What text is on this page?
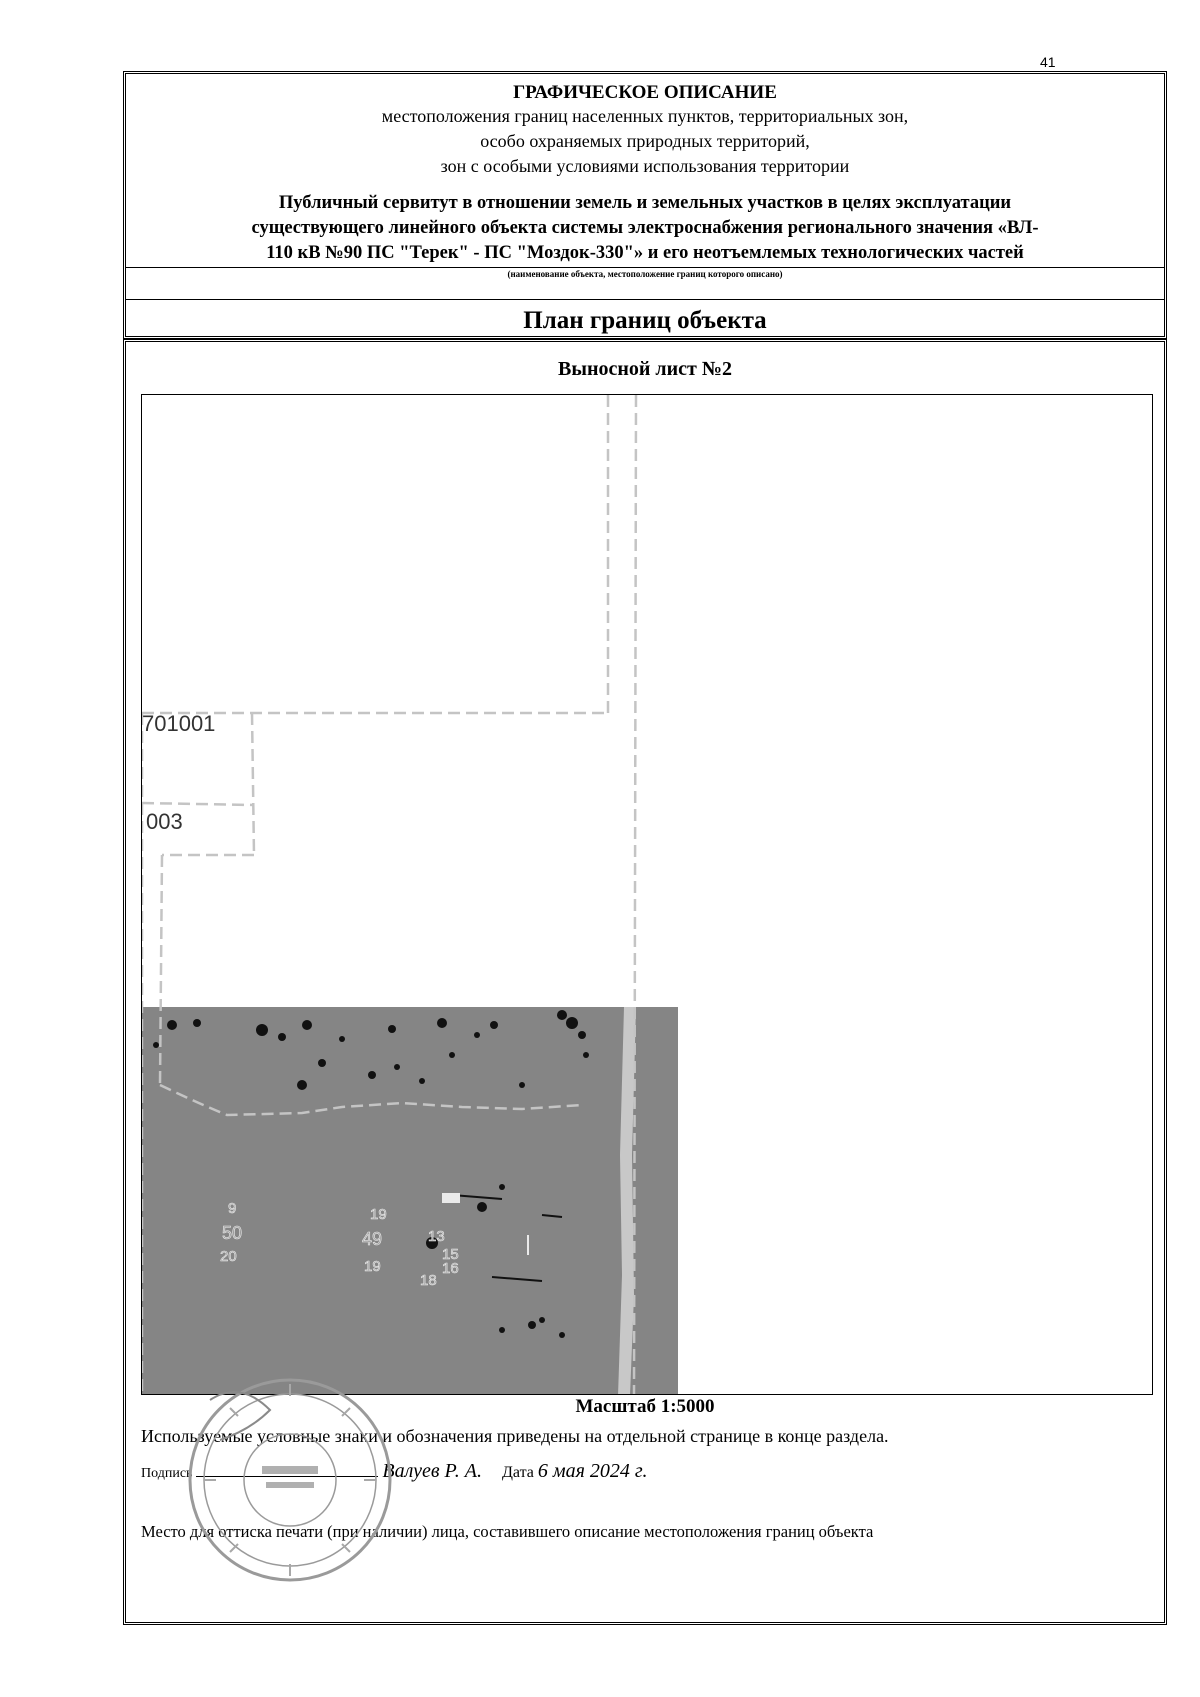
41
ГРАФИЧЕСКОЕ ОПИСАНИЕ
местоположения границ населенных пунктов, территориальных зон,
особо охраняемых природных территорий,
зон с особыми условиями использования территории
Публичный сервитут в отношении земель и земельных участков в целях эксплуатации
существующего линейного объекта системы электроснабжения регионального значения «ВЛ-
110 кВ №90 ПС "Терек" - ПС "Моздок-330"» и его неотъемлемых технологических частей
(наименование объекта, местоположение границ которого описано)
План границ объекта
Выносной лист №2
701001
003
9
50
20
19
49
19
13
15
16
18
Масштаб 1:5000
Используемые условные знаки и обозначения приведены на отдельной странице в конце раздела.
Подпись	Валуев Р. А. Дата 6 мая 2024 г.
Место для оттиска печати (при наличии) лица, составившего описание местоположения границ объекта
